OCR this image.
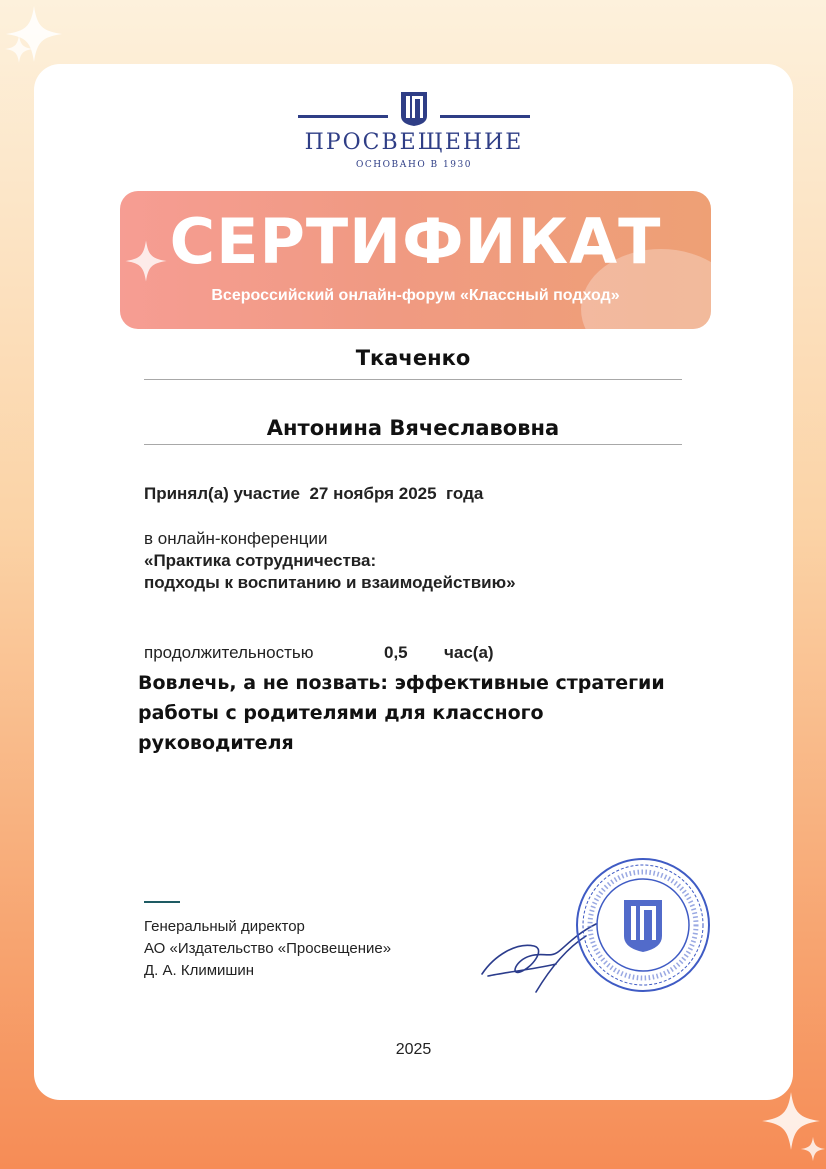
ПРОСВЕЩЕНИЕ
ОСНОВАНО В 1930
СЕРТИФИКАТ
Всероссийский онлайн-форум «Классный подход»
Ткаченко
Антонина Вячеславовна
Принял(а) участие 27 ноября 2025 года
в онлайн-конференции
«Практика сотрудничества:
подходы к воспитанию и взаимодействию»
продолжительностью	0,5 час(а)
Вовлечь, а не позвать: эффективные стратегии
работы с родителями для классного
руководителя
Генеральный директор
АО «Издательство «Просвещение»
Д. А. Климишин
2025
